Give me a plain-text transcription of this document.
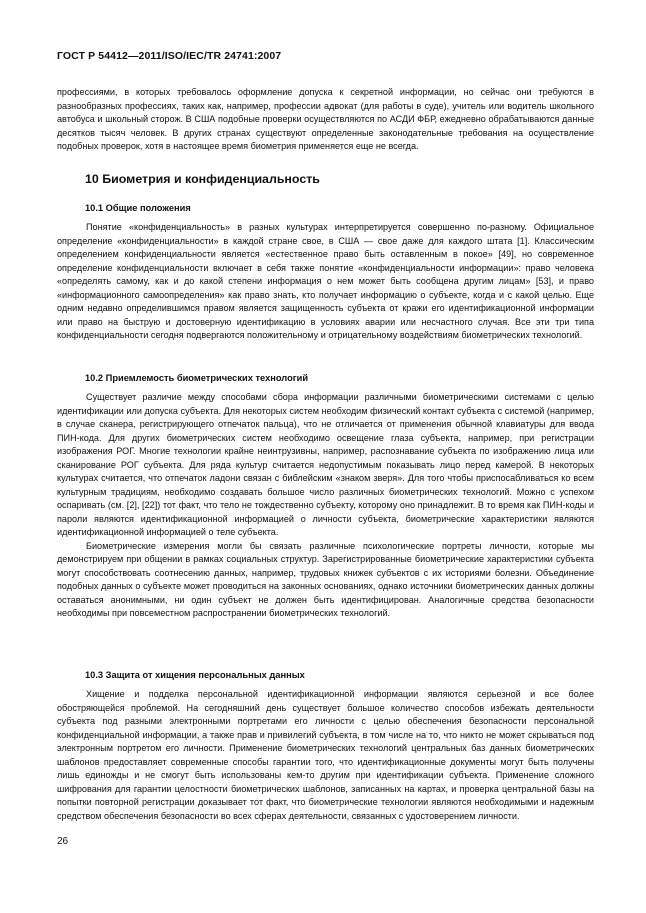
ГОСТ Р 54412—2011/ISO/IEC/TR 24741:2007

профессиями, в которых требовалось оформление допуска к секретной информации, но сейчас они требуются в разнообразных профессиях, таких как, например, профессии адвокат (для работы в суде), учитель или водитель школьного автобуса и школьный сторож. В США подобные проверки осуществляются по АСДИ ФБР, ежедневно обрабатываются данные десятков тысяч человек. В других странах существуют определенные законодательные требования на осуществление подобных проверок, хотя в настоящее время биометрия применяется еще не всегда.

10 Биометрия и конфиденциальность
10.1 Общие положения

Понятие «конфиденциальность» в разных культурах интерпретируется совершенно по-разному. Официальное определение «конфиденциальности» в каждой стране свое, в США — свое даже для каждого штата [1]. Классическим определением конфиденциальности является «естественное право быть оставленным в покое» [49], но современное определение конфиденциальности включает в себя также понятие «конфиденциальности информации»: право человека «определять самому, как и до какой степени информация о нем может быть сообщена другим лицам» [53], и право «информационного самоопределения» как право знать, кто получает информацию о субъекте, когда и с какой целью. Еще одним недавно определившимся правом является защищенность субъекта от кражи его идентификационной информации или право на быструю и достоверную идентификацию в условиях аварии или несчастного случая. Все эти три типа конфиденциальности сегодня подвергаются положительному и отрицательному воздействиям биометрических технологий.

10.2 Приемлемость биометрических технологий

Существует различие между способами сбора информации различными биометрическими системами с целью идентификации или допуска субъекта. Для некоторых систем необходим физический контакт субъекта с системой (например, в случае сканера, регистрирующего отпечаток пальца), что не отличается от применения обычной клавиатуры для ввода ПИН-кода. Для других биометрических систем необходимо освещение глаза субъекта, например, при регистрации изображения РОГ. Многие технологии крайне неинтрузивны, например, распознавание субъекта по изображению лица или сканирование РОГ субъекта. Для ряда культур считается недопустимым показывать лицо перед камерой. В некоторых культурах считается, что отпечаток ладони связан с библейским «знаком зверя». Для того чтобы приспосабливаться ко всем культурным традициям, необходимо создавать большое число различных биометрических технологий. Можно с успехом оспаривать (см. [2], [22]) тот факт, что тело не тождественно субъекту, которому оно принадлежит. В то время как ПИН-коды и пароли являются идентификационной информацией о личности субъекта, биометрические характеристики являются идентификационной информацией о теле субъекта.

Биометрические измерения могли бы связать различные психологические портреты личности, которые мы демонстрируем при общении в рамках социальных структур. Зарегистрированные биометрические характеристики субъекта могут способствовать соотнесению данных, например, трудовых книжек субъектов с их историями болезни. Объединение подобных данных о субъекте может проводиться на законных основаниях, однако источники биометрических данных должны оставаться анонимными, ни один субъект не должен быть идентифицирован. Аналогичные средства безопасности необходимы при повсеместном распространении биометрических технологий.

10.3 Защита от хищения персональных данных

Хищение и подделка персональной идентификационной информации являются серьезной и все более обостряющейся проблемой. На сегодняшний день существует большое количество способов избежать деятельности субъекта под разными электронными портретами его личности с целью обеспечения безопасности персональной конфиденциальной информации, а также прав и привилегий субъекта, в том числе на то, что никто не может скрываться под электронным портретом его личности. Применение биометрических технологий центральных баз данных биометрических шаблонов предоставляет современные способы гарантии того, что идентификационные документы могут быть получены лишь единожды и не смогут быть использованы кем-то другим при идентификации субъекта. Применение сложного шифрования для гарантии целостности биометрических шаблонов, записанных на картах, и проверка центральной базы на попытки повторной регистрации доказывает тот факт, что биометрические технологии являются необходимыми и надежным средством обеспечения безопасности во всех сферах деятельности, связанных с удостоверением личности.

26
